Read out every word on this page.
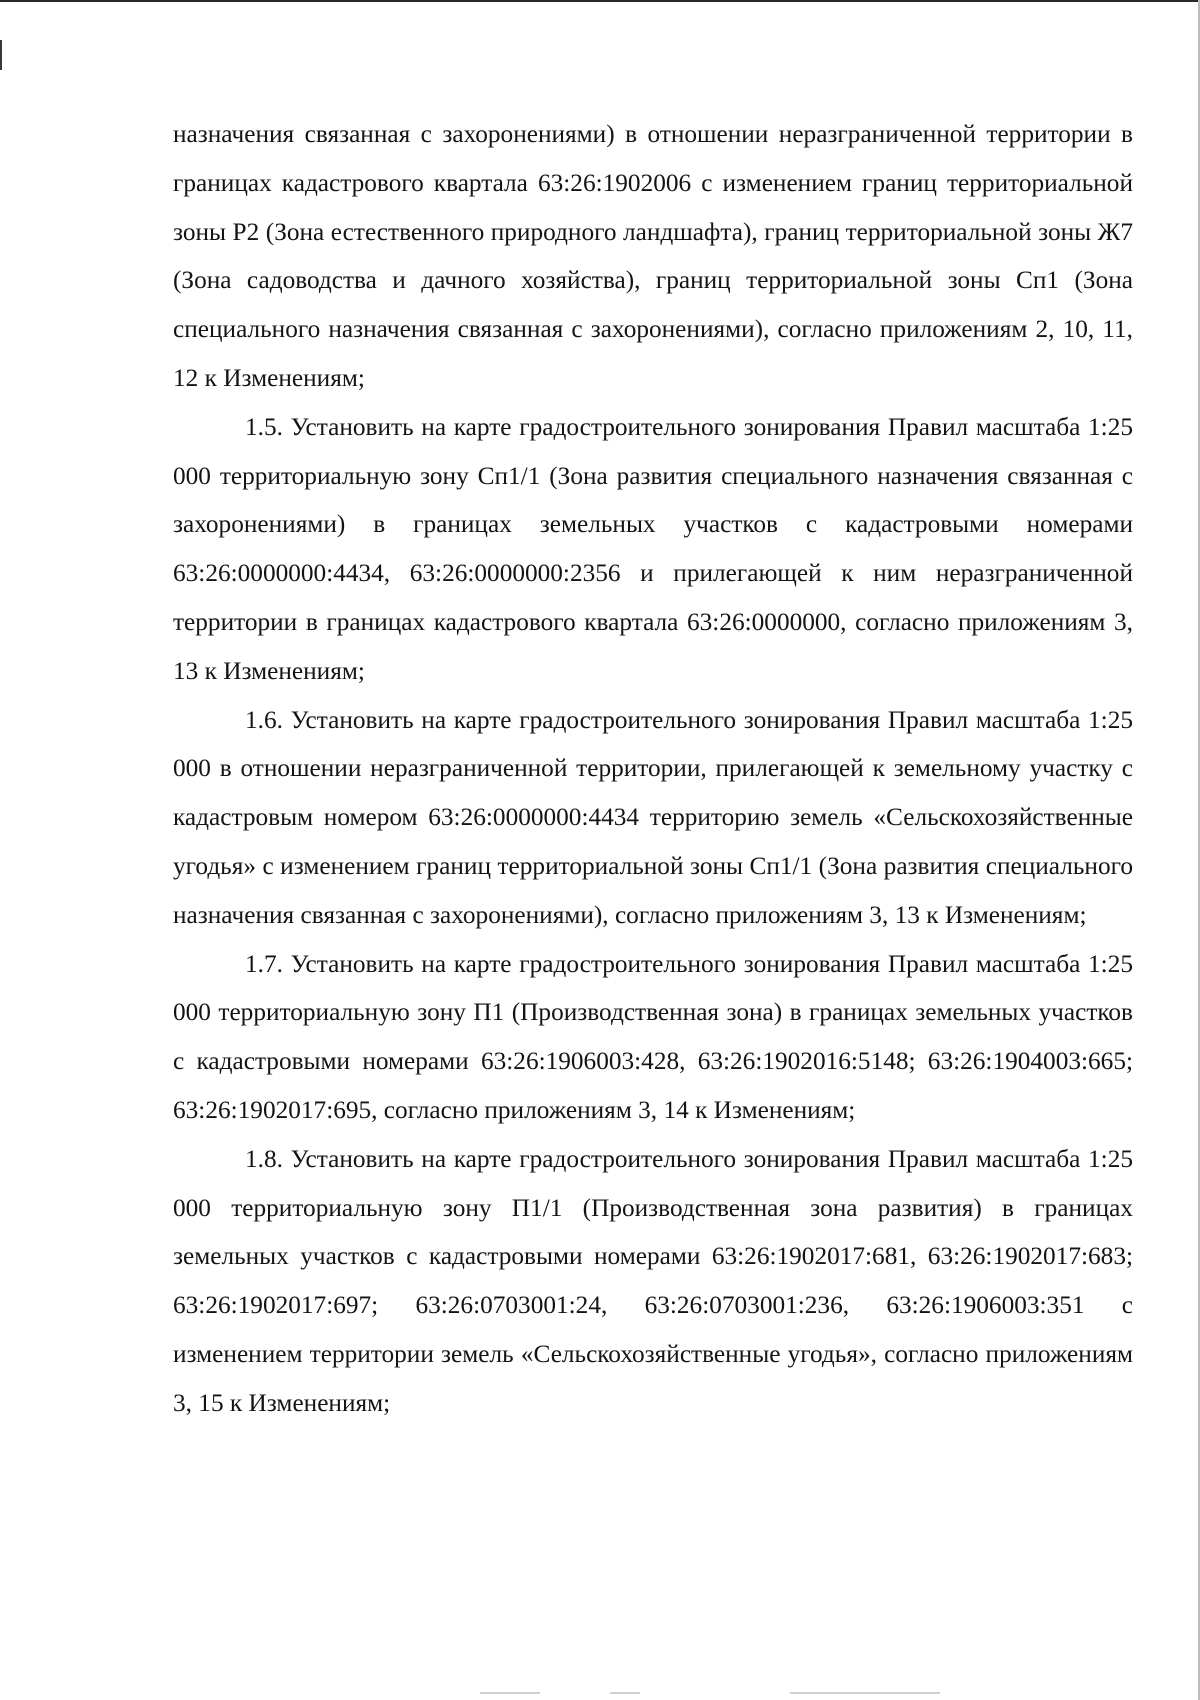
назначения связанная с захоронениями) в отношении неразграниченной территории в границах кадастрового квартала 63:26:1902006 с изменением границ территориальной зоны Р2 (Зона естественного природного ландшафта), границ территориальной зоны Ж7 (Зона садоводства и дачного хозяйства), границ территориальной зоны Сп1 (Зона специального назначения связанная с захоронениями), согласно приложениям 2, 10, 11, 12 к Изменениям;

1.5. Установить на карте градостроительного зонирования Правил масштаба 1:25 000 территориальную зону Сп1/1 (Зона развития специального назначения связанная с захоронениями) в границах земельных участков с кадастровыми номерами 63:26:0000000:4434, 63:26:0000000:2356 и прилегающей к ним неразграниченной территории в границах кадастрового квартала 63:26:0000000, согласно приложениям 3, 13 к Изменениям;

1.6. Установить на карте градостроительного зонирования Правил масштаба 1:25 000 в отношении неразграниченной территории, прилегающей к земельному участку с кадастровым номером 63:26:0000000:4434 территорию земель «Сельскохозяйственные угодья» с изменением границ территориальной зоны Сп1/1 (Зона развития специального назначения связанная с захоронениями), согласно приложениям 3, 13 к Изменениям;

1.7. Установить на карте градостроительного зонирования Правил масштаба 1:25 000 территориальную зону П1 (Производственная зона) в границах земельных участков с кадастровыми номерами 63:26:1906003:428, 63:26:1902016:5148; 63:26:1904003:665; 63:26:1902017:695, согласно приложениям 3, 14 к Изменениям;

1.8. Установить на карте градостроительного зонирования Правил масштаба 1:25 000 территориальную зону П1/1 (Производственная зона развития) в границах земельных участков с кадастровыми номерами 63:26:1902017:681, 63:26:1902017:683; 63:26:1902017:697; 63:26:0703001:24, 63:26:0703001:236, 63:26:1906003:351 с изменением территории земель «Сельскохозяйственные угодья», согласно приложениям 3, 15 к Изменениям;
